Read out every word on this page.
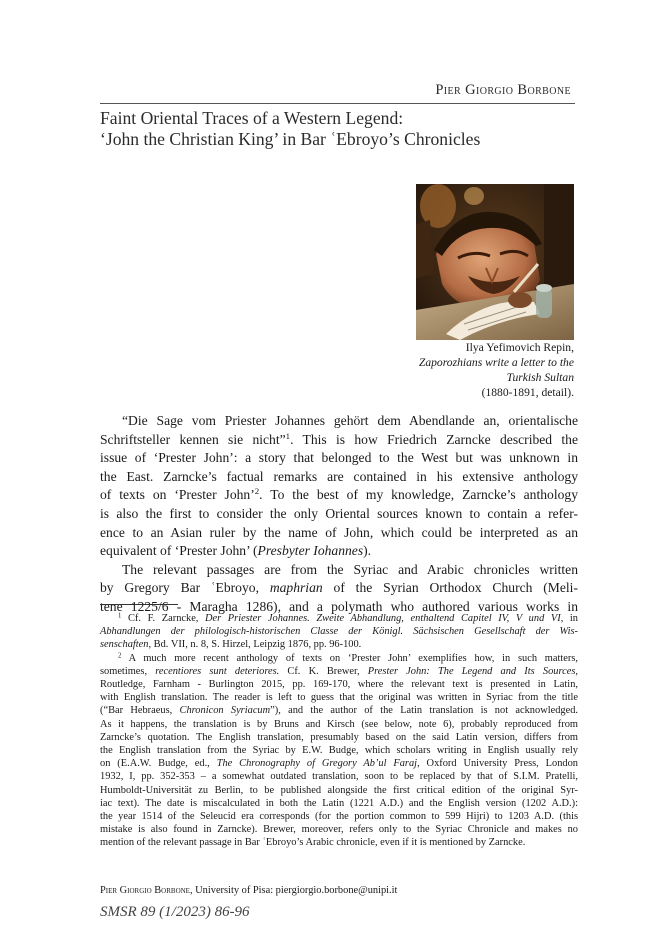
Pier Giorgio Borbone
Faint Oriental Traces of a Western Legend:
‘John the Christian King’ in Bar ʿEbroyo’s Chronicles
Ilya Yefimovich Repin,
Zaporozhians write a letter to the
Turkish Sultan
(1880-1891, detail).

“Die Sage vom Priester Johannes gehört dem Abendlande an, orientalische
Schriftsteller kennen sie nicht”$^1$. This is how Friedrich Zarncke described the
issue of ‘Prester John’: a story that belonged to the West but was unknown in
the East. Zarncke’s factual remarks are contained in his extensive anthology
of texts on ‘Prester John’$^2$. To the best of my knowledge, Zarncke’s anthology
is also the first to consider the only Oriental sources known to contain a refer-
ence to an Asian ruler by the name of John, which could be interpreted as an
equivalent of ‘Prester John’ (Presbyter Iohannes).

The relevant passages are from the Syriac and Arabic chronicles written
by Gregory Bar ʿEbroyo, maphrian of the Syrian Orthodox Church (Meli-
tene 1225/6 - Maragha 1286), and a polymath who authored various works in

$^1$ Cf. F. Zarncke, Der Priester Johannes. Zweite Abhandlung, enthaltend Capitel IV, V und VI, in
Abhandlungen der philologisch-historischen Classe der Königl. Sächsischen Gesellschaft der Wis-
senschaften, Bd. VII, n. 8, S. Hirzel, Leipzig 1876, pp. 96-100.
$^2$ A much more recent anthology of texts on ‘Prester John’ exemplifies how, in such matters,
sometimes, recentiores sunt deteriores. Cf. K. Brewer, Prester John: The Legend and Its Sources,
Routledge, Farnham - Burlington 2015, pp. 169-170, where the relevant text is presented in Latin,
with English translation. The reader is left to guess that the original was written in Syriac from the title
(“Bar Hebraeus, Chronicon Syriacum”), and the author of the Latin translation is not acknowledged.
As it happens, the translation is by Bruns and Kirsch (see below, note 6), probably reproduced from
Zarncke’s quotation. The English translation, presumably based on the said Latin version, differs from
the English translation from the Syriac by E.W. Budge, which scholars writing in English usually rely
on (E.A.W. Budge, ed., The Chronography of Gregory Ab’ul Faraj, Oxford University Press, London
1932, I, pp. 352-353 – a somewhat outdated translation, soon to be replaced by that of S.I.M. Pratelli,
Humboldt-Universität zu Berlin, to be published alongside the first critical edition of the original Syr-
iac text). The date is miscalculated in both the Latin (1221 A.D.) and the English version (1202 A.D.):
the year 1514 of the Seleucid era corresponds (for the portion common to 599 Hijri) to 1203 A.D. (this
mistake is also found in Zarncke). Brewer, moreover, refers only to the Syriac Chronicle and makes no
mention of the relevant passage in Bar ʿEbroyo’s Arabic chronicle, even if it is mentioned by Zarncke.
Pier Giorgio Borbone, University of Pisa: piergiorgio.borbone@unipi.it
SMSR 89 (1/2023) 86-96
